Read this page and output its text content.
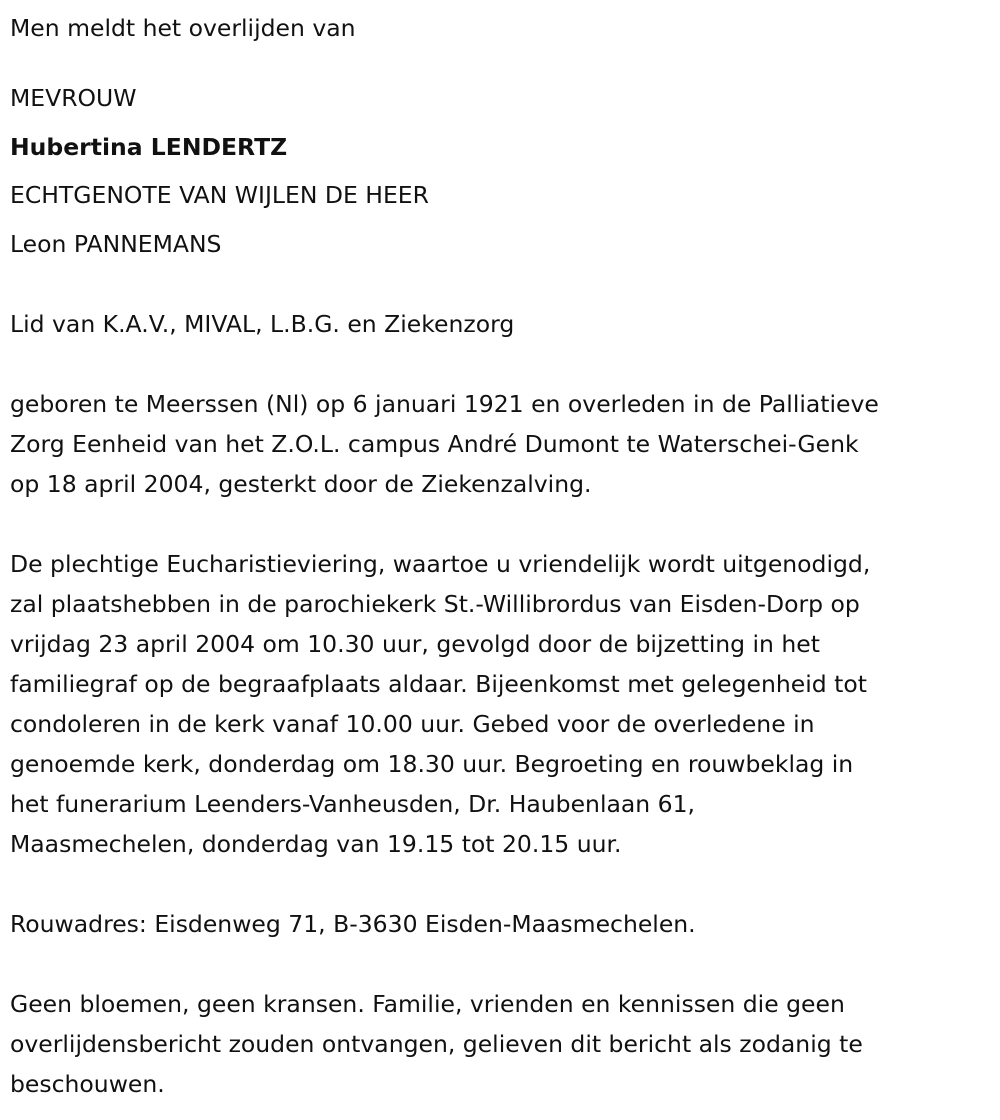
Men meldt het overlijden van
MEVROUW
Hubertina LENDERTZ
ECHTGENOTE VAN WIJLEN DE HEER
Leon PANNEMANS
Lid van K.A.V., MIVAL, L.B.G. en Ziekenzorg
geboren te Meerssen (Nl) op 6 januari 1921 en overleden in de Palliatieve
Zorg Eenheid van het Z.O.L. campus André Dumont te Waterschei-Genk
op 18 april 2004, gesterkt door de Ziekenzalving.
De plechtige Eucharistieviering, waartoe u vriendelijk wordt uitgenodigd,
zal plaatshebben in de parochiekerk St.-Willibrordus van Eisden-Dorp op
vrijdag 23 april 2004 om 10.30 uur, gevolgd door de bijzetting in het
familiegraf op de begraafplaats aldaar. Bijeenkomst met gelegenheid tot
condoleren in de kerk vanaf 10.00 uur. Gebed voor de overledene in
genoemde kerk, donderdag om 18.30 uur. Begroeting en rouwbeklag in
het funerarium Leenders-Vanheusden, Dr. Haubenlaan 61,
Maasmechelen, donderdag van 19.15 tot 20.15 uur.
Rouwadres: Eisdenweg 71, B-3630 Eisden-Maasmechelen.
Geen bloemen, geen kransen. Familie, vrienden en kennissen die geen
overlijdensbericht zouden ontvangen, gelieven dit bericht als zodanig te
beschouwen.
